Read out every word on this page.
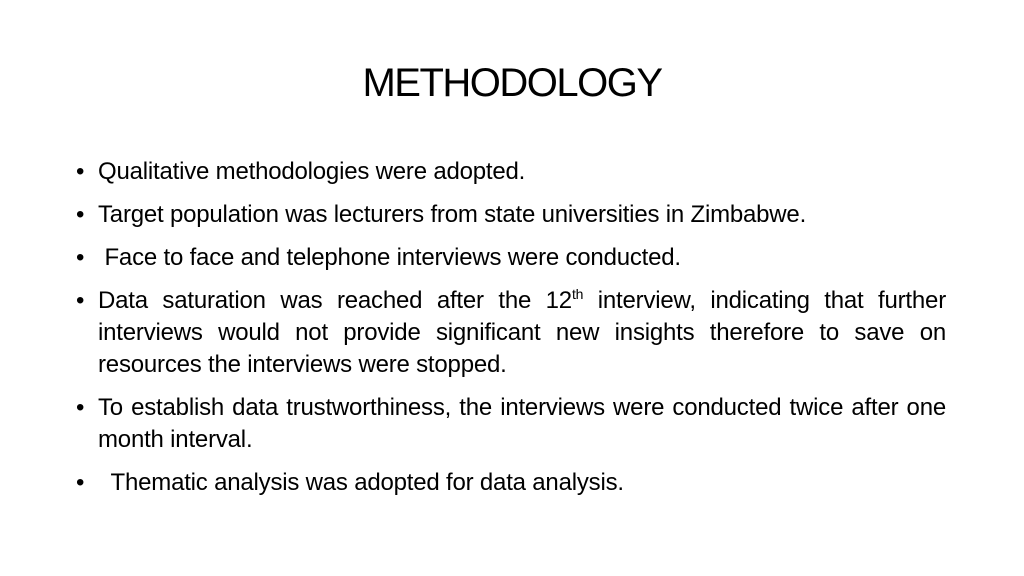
METHODOLOGY
• Qualitative methodologies were adopted.
• Target population was lecturers from state universities in Zimbabwe.
• Face to face and telephone interviews were conducted.
• Data saturation was reached after the 12th interview, indicating that further interviews would not provide significant new insights therefore to save on resources the interviews were stopped.
• To establish data trustworthiness, the interviews were conducted twice after one month interval.
• Thematic analysis was adopted for data analysis.
